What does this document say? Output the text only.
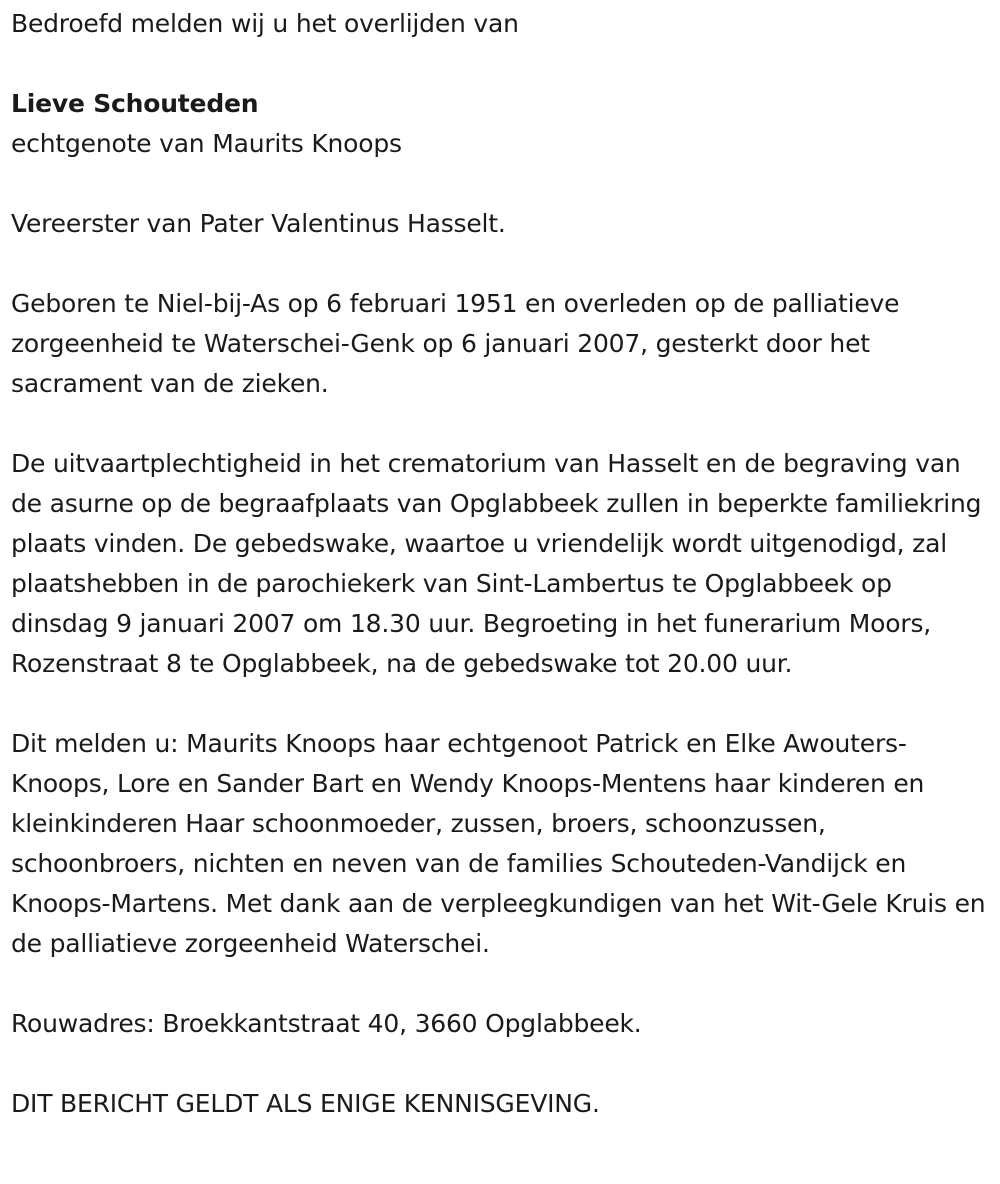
Bedroefd melden wij u het overlijden van

Lieve Schouteden
echtgenote van Maurits Knoops

Vereerster van Pater Valentinus Hasselt.

Geboren te Niel-bij-As op 6 februari 1951 en overleden op de palliatieve zorgeenheid te Waterschei-Genk op 6 januari 2007, gesterkt door het sacrament van de zieken.

De uitvaartplechtigheid in het crematorium van Hasselt en de begraving van de asurne op de begraafplaats van Opglabbeek zullen in beperkte familiekring plaats vinden. De gebedswake, waartoe u vriendelijk wordt uitgenodigd, zal plaatshebben in de parochiekerk van Sint-Lambertus te Opglabbeek op dinsdag 9 januari 2007 om 18.30 uur. Begroeting in het funerarium Moors, Rozenstraat 8 te Opglabbeek, na de gebedswake tot 20.00 uur.

Dit melden u: Maurits Knoops haar echtgenoot Patrick en Elke Awouters-Knoops, Lore en Sander Bart en Wendy Knoops-Mentens haar kinderen en kleinkinderen Haar schoonmoeder, zussen, broers, schoonzussen, schoonbroers, nichten en neven van de families Schouteden-Vandijck en Knoops-Martens. Met dank aan de verpleegkundigen van het Wit-Gele Kruis en de palliatieve zorgeenheid Waterschei.

Rouwadres: Broekkantstraat 40, 3660 Opglabbeek.

DIT BERICHT GELDT ALS ENIGE KENNISGEVING.
